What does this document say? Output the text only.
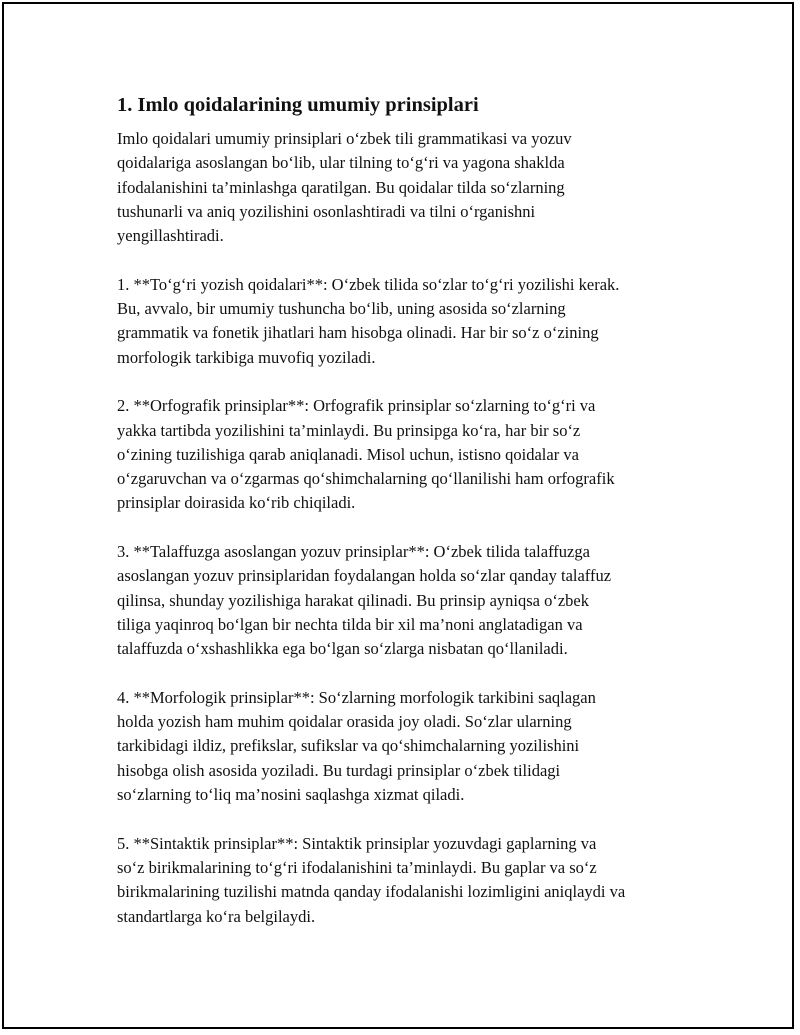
1. Imlo qoidalarining umumiy prinsiplari
Imlo qoidalari umumiy prinsiplari o‘zbek tili grammatikasi va yozuv
qoidalariga asoslangan bo‘lib, ular tilning to‘g‘ri va yagona shaklda
ifodalanishini ta’minlashga qaratilgan. Bu qoidalar tilda so‘zlarning
tushunarli va aniq yozilishini osonlashtiradi va tilni o‘rganishni
yengillashtiradi.
1. **To‘g‘ri yozish qoidalari**: O‘zbek tilida so‘zlar to‘g‘ri yozilishi kerak.
Bu, avvalo, bir umumiy tushuncha bo‘lib, uning asosida so‘zlarning
grammatik va fonetik jihatlari ham hisobga olinadi. Har bir so‘z o‘zining
morfologik tarkibiga muvofiq yoziladi.
2. **Orfografik prinsiplar**: Orfografik prinsiplar so‘zlarning to‘g‘ri va
yakka tartibda yozilishini ta’minlaydi. Bu prinsipga ko‘ra, har bir so‘z
o‘zining tuzilishiga qarab aniqlanadi. Misol uchun, istisno qoidalar va
o‘zgaruvchan va o‘zgarmas qo‘shimchalarning qo‘llanilishi ham orfografik
prinsiplar doirasida ko‘rib chiqiladi.
3. **Talaffuzga asoslangan yozuv prinsiplar**: O‘zbek tilida talaffuzga
asoslangan yozuv prinsiplaridan foydalangan holda so‘zlar qanday talaffuz
qilinsa, shunday yozilishiga harakat qilinadi. Bu prinsip ayniqsa o‘zbek
tiliga yaqinroq bo‘lgan bir nechta tilda bir xil ma’noni anglatadigan va
talaffuzda o‘xshashlikka ega bo‘lgan so‘zlarga nisbatan qo‘llaniladi.
4. **Morfologik prinsiplar**: So‘zlarning morfologik tarkibini saqlagan
holda yozish ham muhim qoidalar orasida joy oladi. So‘zlar ularning
tarkibidagi ildiz, prefikslar, sufikslar va qo‘shimchalarning yozilishini
hisobga olish asosida yoziladi. Bu turdagi prinsiplar o‘zbek tilidagi
so‘zlarning to‘liq ma’nosini saqlashga xizmat qiladi.
5. **Sintaktik prinsiplar**: Sintaktik prinsiplar yozuvdagi gaplarning va
so‘z birikmalarining to‘g‘ri ifodalanishini ta’minlaydi. Bu gaplar va so‘z
birikmalarining tuzilishi matnda qanday ifodalanishi lozimligini aniqlaydi va
standartlarga ko‘ra belgilaydi.
